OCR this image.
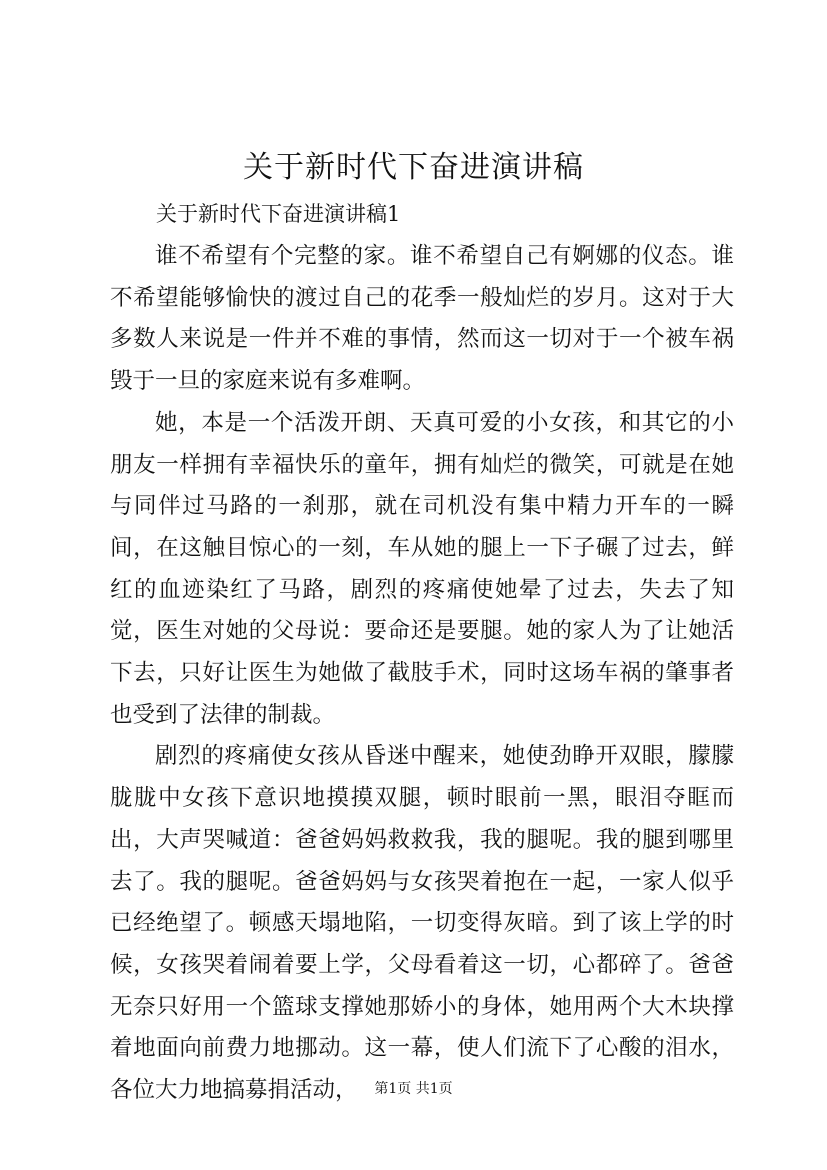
关于新时代下奋进演讲稿
关于新时代下奋进演讲稿1

谁不希望有个完整的家。谁不希望自己有婀娜的仪态。谁不希望能够愉快的渡过自己的花季一般灿烂的岁月。这对于大多数人来说是一件并不难的事情，然而这一切对于一个被车祸毁于一旦的家庭来说有多难啊。

她，本是一个活泼开朗、天真可爱的小女孩，和其它的小朋友一样拥有幸福快乐的童年，拥有灿烂的微笑，可就是在她与同伴过马路的一刹那，就在司机没有集中精力开车的一瞬间，在这触目惊心的一刻，车从她的腿上一下子碾了过去，鲜红的血迹染红了马路，剧烈的疼痛使她晕了过去，失去了知觉，医生对她的父母说：要命还是要腿。她的家人为了让她活下去，只好让医生为她做了截肢手术，同时这场车祸的肇事者也受到了法律的制裁。

剧烈的疼痛使女孩从昏迷中醒来，她使劲睁开双眼，朦朦胧胧中女孩下意识地摸摸双腿，顿时眼前一黑，眼泪夺眶而出，大声哭喊道：爸爸妈妈救救我，我的腿呢。我的腿到哪里去了。我的腿呢。爸爸妈妈与女孩哭着抱在一起，一家人似乎已经绝望了。顿感天塌地陷，一切变得灰暗。到了该上学的时候，女孩哭着闹着要上学，父母看着这一切，心都碎了。爸爸无奈只好用一个篮球支撑她那娇小的身体，她用两个大木块撑着地面向前费力地挪动。这一幕，使人们流下了心酸的泪水，各位大力地搞募捐活动，	第1页 共1页
